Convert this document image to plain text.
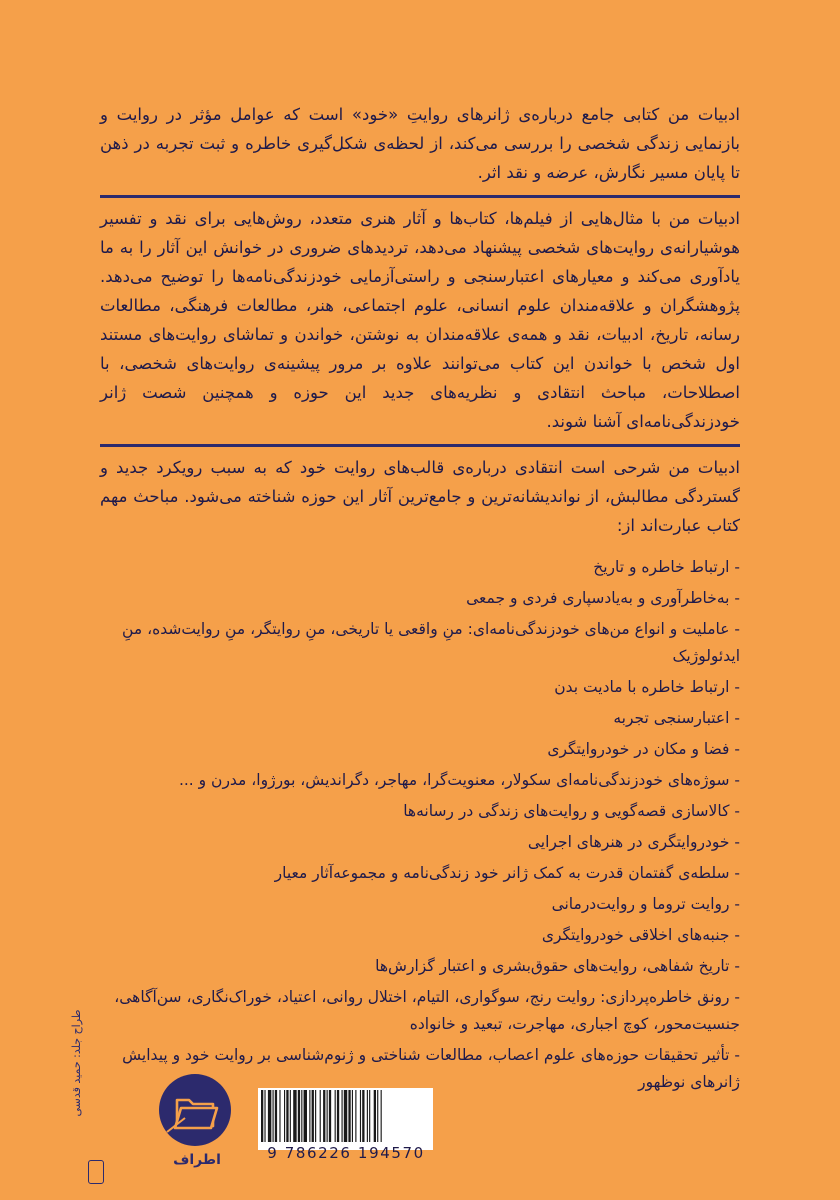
ادبیات من کتابی جامع درباره‌ی ژانرهای روایتِ «خود» است که عوامل مؤثر در روایت و بازنمایی زندگی شخصی را بررسی می‌کند، از لحظه‌ی شکل‌گیری خاطره و ثبت تجربه در ذهن تا پایان مسیر نگارش، عرضه و نقد اثر.

ادبیات من با مثال‌هایی از فیلم‌ها، کتاب‌ها و آثار هنری متعدد، روش‌هایی برای نقد و تفسیر هوشیارانه‌ی روایت‌های شخصی پیشنهاد می‌دهد، تردیدهای ضروری در خوانش این آثار را به ما یادآوری می‌کند و معیارهای اعتبارسنجی و راستی‌آزمایی خودزندگی‌نامه‌ها را توضیح می‌دهد. پژوهشگران و علاقه‌مندان علوم انسانی، علوم اجتماعی، هنر، مطالعات فرهنگی، مطالعات رسانه، تاریخ، ادبیات، نقد و همه‌ی علاقه‌مندان به نوشتن، خواندن و تماشای روایت‌های مستند اول شخص با خواندن این کتاب می‌توانند علاوه بر مرور پیشینه‌ی روایت‌های شخصی، با اصطلاحات، مباحث انتقادی و نظریه‌های جدید این حوزه و همچنین شصت ژانر خودزندگی‌نامه‌ای آشنا شوند.

ادبیات من شرحی است انتقادی درباره‌ی قالب‌های روایت خود که به سبب رویکرد جدید و گستردگی مطالبش، از نواندیشانه‌ترین و جامع‌ترین آثار این حوزه شناخته می‌شود. مباحث مهم کتاب عبارت‌اند از:

- ارتباط خاطره و تاریخ
- به‌خاطرآوری و به‌یادسپاری فردی و جمعی
- عاملیت و انواع من‌های خودزندگی‌نامه‌ای: منِ واقعی یا تاریخی، منِ روایتگر، منِ روایت‌شده، منِ ایدئولوژیک
- ارتباط خاطره با مادیت بدن
- اعتبارسنجی تجربه
- فضا و مکان در خودروایتگری
- سوژه‌های خودزندگی‌نامه‌ای سکولار، معنویت‌گرا، مهاجر، دگراندیش، بورژوا، مدرن و ...
- کالاسازی قصه‌گویی و روایت‌های زندگی در رسانه‌ها
- خودروایتگری در هنرهای اجرایی
- سلطه‌ی گفتمان قدرت به کمک ژانر خود زندگی‌نامه و مجموعه‌آثار معیار
- روایت تروما و روایت‌درمانی
- جنبه‌های اخلاقی خودروایتگری
- تاریخ شفاهی، روایت‌های حقوق‌بشری و اعتبار گزارش‌ها
- رونق خاطره‌پردازی: روایت رنج، سوگواری، التیام، اختلال روانی، اعتیاد، خوراک‌نگاری، سن‌آگاهی، جنسیت‌محور، کوچ اجباری، مهاجرت، تبعید و خانواده
- تأثیر تحقیقات حوزه‌های علوم اعصاب، مطالعات شناختی و ژنوم‌شناسی بر روایت خود و پیدایش ژانرهای نوظهور
9 786226 194570
اطراف
طراح جلد: حمید قدسی
